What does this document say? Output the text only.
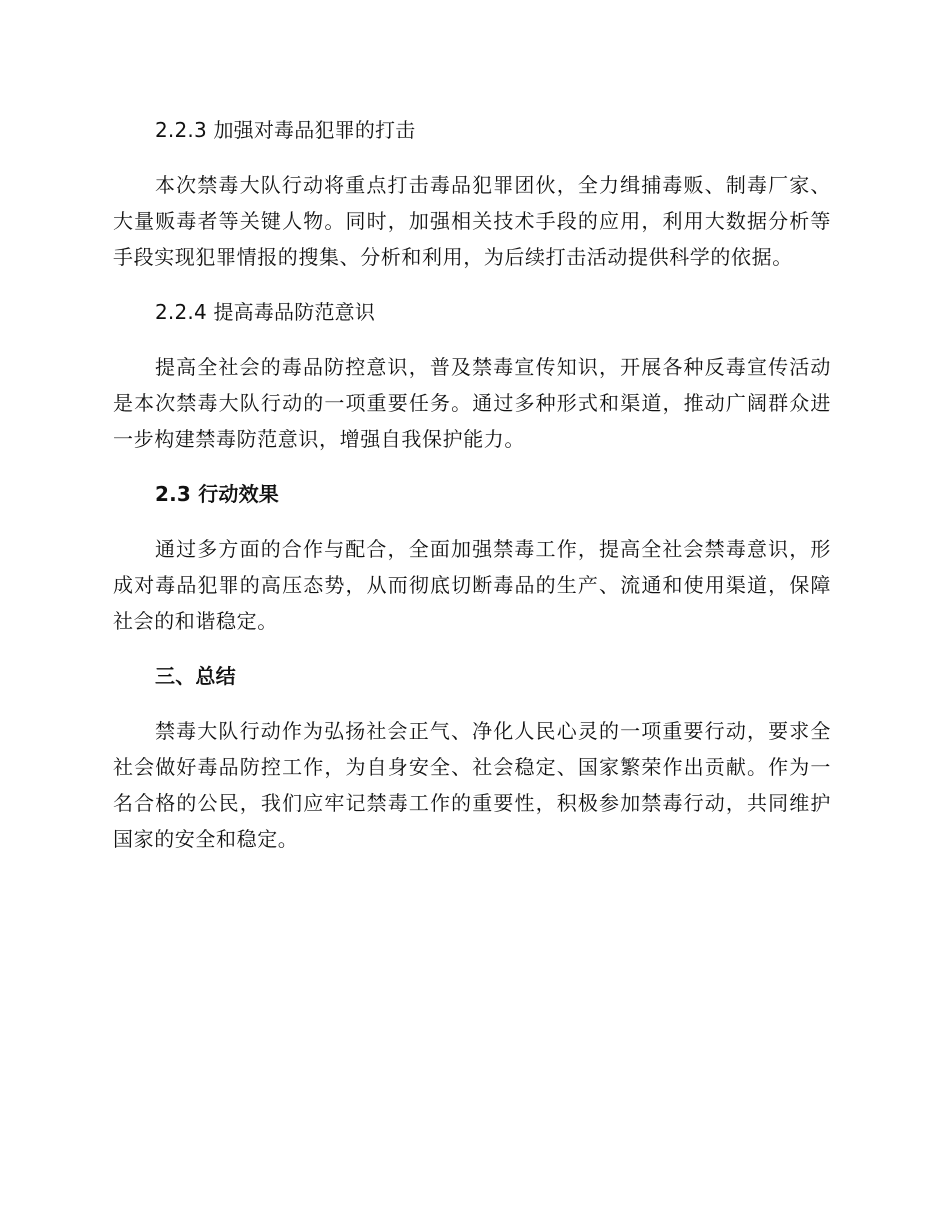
2.2.3 加强对毒品犯罪的打击

本次禁毒大队行动将重点打击毒品犯罪团伙，全力缉捕毒贩、制毒厂家、大量贩毒者等关键人物。同时，加强相关技术手段的应用，利用大数据分析等手段实现犯罪情报的搜集、分析和利用，为后续打击活动提供科学的依据。

2.2.4 提高毒品防范意识

提高全社会的毒品防控意识，普及禁毒宣传知识，开展各种反毒宣传活动是本次禁毒大队行动的一项重要任务。通过多种形式和渠道，推动广阔群众进一步构建禁毒防范意识，增强自我保护能力。

2.3 行动效果

通过多方面的合作与配合，全面加强禁毒工作，提高全社会禁毒意识，形成对毒品犯罪的高压态势，从而彻底切断毒品的生产、流通和使用渠道，保障社会的和谐稳定。

三、总结

禁毒大队行动作为弘扬社会正气、净化人民心灵的一项重要行动，要求全社会做好毒品防控工作，为自身安全、社会稳定、国家繁荣作出贡献。作为一名合格的公民，我们应牢记禁毒工作的重要性，积极参加禁毒行动，共同维护国家的安全和稳定。
